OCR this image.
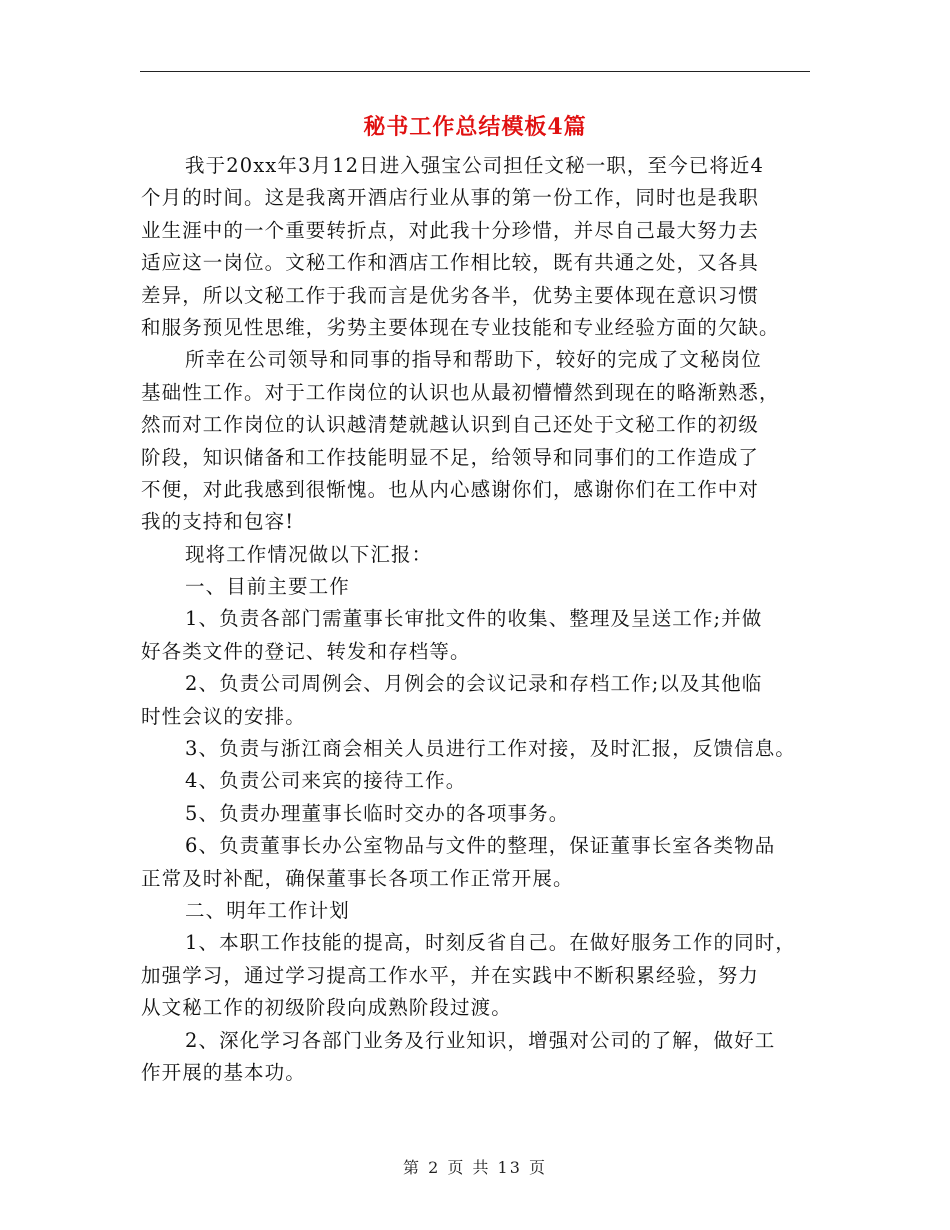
秘书工作总结模板4篇
我于20xx年3月12日进入强宝公司担任文秘一职，至今已将近4
个月的时间。这是我离开酒店行业从事的第一份工作，同时也是我职
业生涯中的一个重要转折点，对此我十分珍惜，并尽自己最大努力去
适应这一岗位。文秘工作和酒店工作相比较，既有共通之处，又各具
差异，所以文秘工作于我而言是优劣各半，优势主要体现在意识习惯
和服务预见性思维，劣势主要体现在专业技能和专业经验方面的欠缺。
所幸在公司领导和同事的指导和帮助下，较好的完成了文秘岗位
基础性工作。对于工作岗位的认识也从最初懵懵然到现在的略渐熟悉，
然而对工作岗位的认识越清楚就越认识到自己还处于文秘工作的初级
阶段，知识储备和工作技能明显不足，给领导和同事们的工作造成了
不便，对此我感到很惭愧。也从内心感谢你们，感谢你们在工作中对
我的支持和包容!
现将工作情况做以下汇报：
一、目前主要工作
1、负责各部门需董事长审批文件的收集、整理及呈送工作;并做
好各类文件的登记、转发和存档等。
2、负责公司周例会、月例会的会议记录和存档工作;以及其他临
时性会议的安排。
3、负责与浙江商会相关人员进行工作对接，及时汇报，反馈信息。
4、负责公司来宾的接待工作。
5、负责办理董事长临时交办的各项事务。
6、负责董事长办公室物品与文件的整理，保证董事长室各类物品
正常及时补配，确保董事长各项工作正常开展。
二、明年工作计划
1、本职工作技能的提高，时刻反省自己。在做好服务工作的同时，
加强学习，通过学习提高工作水平，并在实践中不断积累经验，努力
从文秘工作的初级阶段向成熟阶段过渡。
2、深化学习各部门业务及行业知识，增强对公司的了解，做好工
作开展的基本功。
第 2 页 共 13 页
